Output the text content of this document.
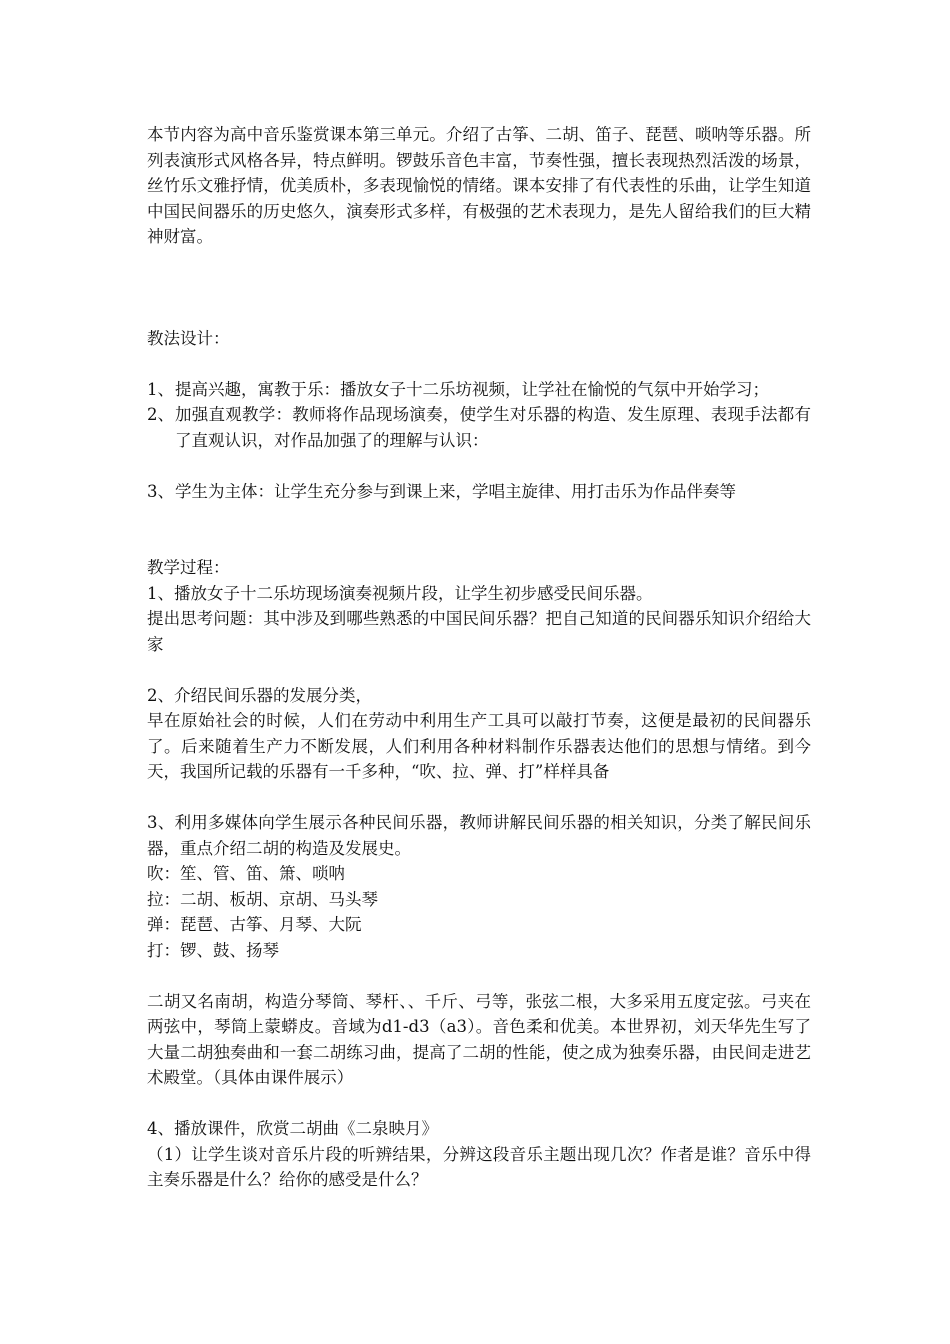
本节内容为高中音乐鉴赏课本第三单元。介绍了古筝、二胡、笛子、琵琶、唢呐等乐器。所列表演形式风格各异，特点鲜明。锣鼓乐音色丰富，节奏性强，擅长表现热烈活泼的场景，丝竹乐文雅抒情，优美质朴，多表现愉悦的情绪。课本安排了有代表性的乐曲，让学生知道中国民间器乐的历史悠久，演奏形式多样，有极强的艺术表现力，是先人留给我们的巨大精神财富。

教法设计：

1、 提高兴趣，寓教于乐：播放女子十二乐坊视频，让学社在愉悦的气氛中开始学习；
2、 加强直观教学：教师将作品现场演奏，使学生对乐器的构造、发生原理、表现手法都有了直观认识，对作品加强了的理解与认识：
3、 学生为主体：让学生充分参与到课上来，学唱主旋律、用打击乐为作品伴奏等

教学过程：

1、播放女子十二乐坊现场演奏视频片段，让学生初步感受民间乐器。

提出思考问题：其中涉及到哪些熟悉的中国民间乐器？把自己知道的民间器乐知识介绍给大家

2、介绍民间乐器的发展分类，

早在原始社会的时候，人们在劳动中利用生产工具可以敲打节奏，这便是最初的民间器乐了。后来随着生产力不断发展，人们利用各种材料制作乐器表达他们的思想与情绪。到今天，我国所记载的乐器有一千多种，“吹、拉、弹、打”样样具备

3、利用多媒体向学生展示各种民间乐器，教师讲解民间乐器的相关知识，分类了解民间乐器，重点介绍二胡的构造及发展史。

吹：笙、管、笛、箫、唢呐

拉：二胡、板胡、京胡、马头琴

弹：琵琶、古筝、月琴、大阮

打：锣、鼓、扬琴

二胡又名南胡，构造分琴筒、琴杆、、千斤、弓等，张弦二根，大多采用五度定弦。弓夹在两弦中，琴筒上蒙蟒皮。音域为d1-d3（a3）。音色柔和优美。本世界初，刘天华先生写了大量二胡独奏曲和一套二胡练习曲，提高了二胡的性能，使之成为独奏乐器，由民间走进艺术殿堂。（具体由课件展示）

4、播放课件，欣赏二胡曲《二泉映月》

（1）让学生谈对音乐片段的听辨结果，分辨这段音乐主题出现几次？作者是谁？音乐中得主奏乐器是什么？给你的感受是什么？
